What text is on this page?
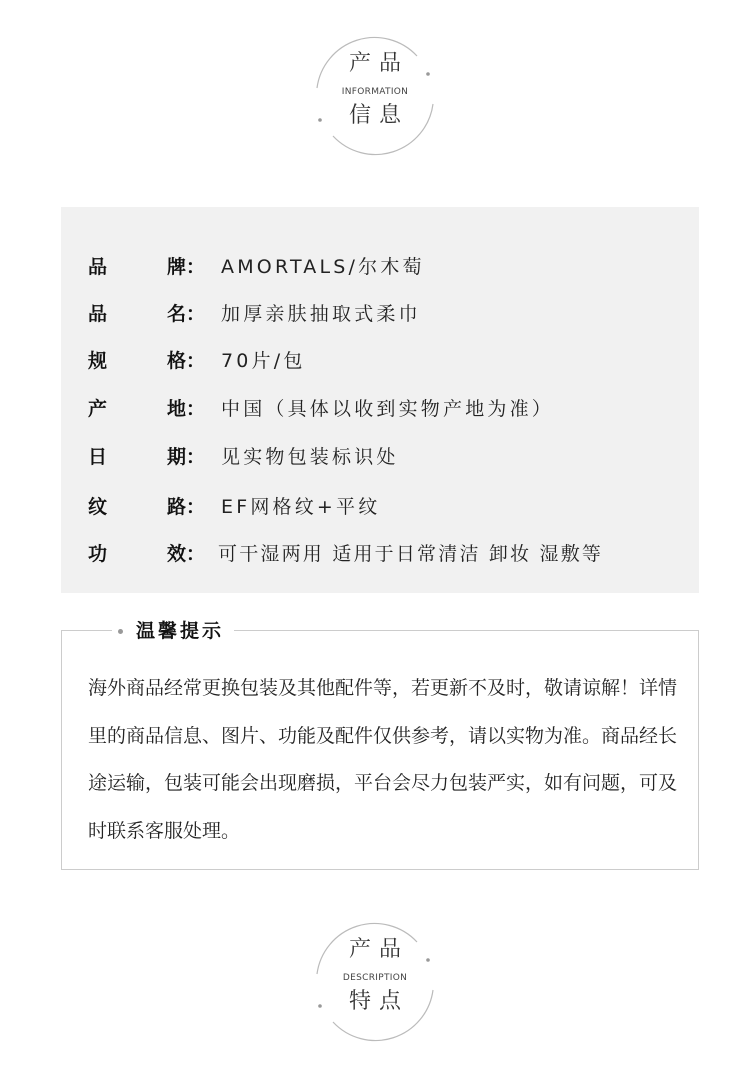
产品
INFORMATION
信息
品	牌： AMORTALS/尔木萄
品	名： 加厚亲肤抽取式柔巾
规	格： 70片/包
产	地： 中国（具体以收到实物产地为准）
日	期： 见实物包装标识处
纹	路： EF网格纹+平纹
功	效： 可干湿两用 适用于日常清洁 卸妆 湿敷等
温馨提示
海外商品经常更换包装及其他配件等，若更新不及时，敬请谅解！详情里的商品信息、图片、功能及配件仅供参考，请以实物为准。商品经长途运输，包装可能会出现磨损，平台会尽力包装严实，如有问题，可及时联系客服处理。
产品
DESCRIPTION
特点
